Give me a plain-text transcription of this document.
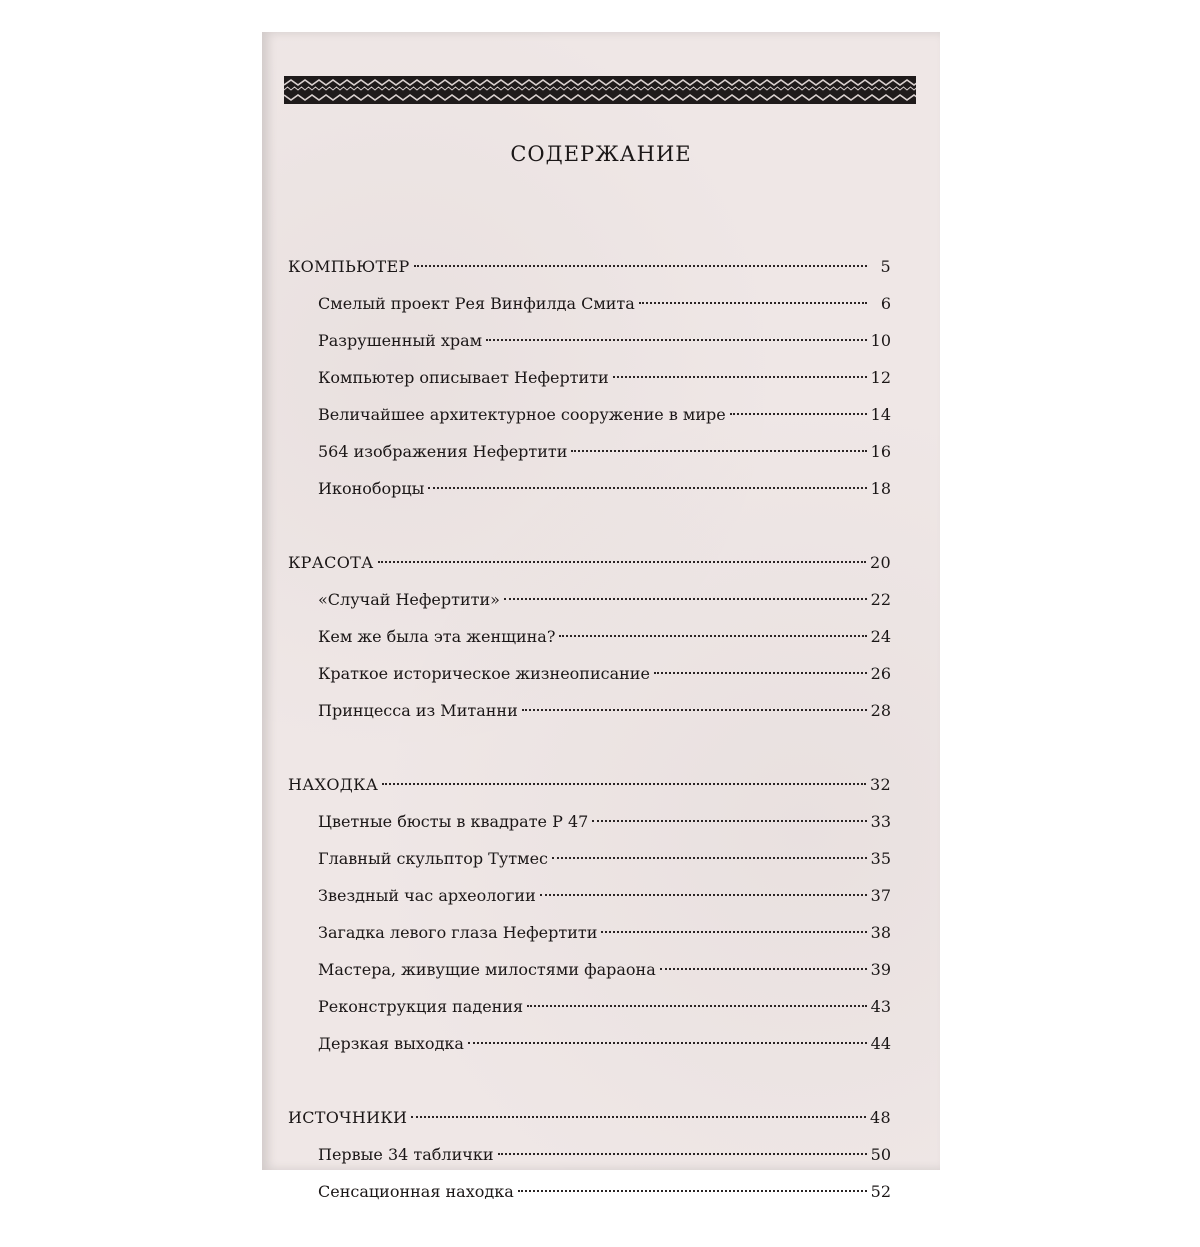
СОДЕРЖАНИЕ
КОМПЬЮТЕР	5
Смелый проект Рея Винфилда Смита	6
Разрушенный храм	10
Компьютер описывает Нефертити	12
Величайшее архитектурное сооружение в мире	14
564 изображения Нефертити	16
Иконоборцы	18
КРАСОТА	20
«Случай Нефертити»	22
Кем же была эта женщина?	24
Краткое историческое жизнеописание	26
Принцесса из Митанни	28
НАХОДКА	32
Цветные бюсты в квадрате Р 47	33
Главный скульптор Тутмес	35
Звездный час археологии	37
Загадка левого глаза Нефертити	38
Мастера, живущие милостями фараона	39
Реконструкция падения	43
Дерзкая выходка	44
ИСТОЧНИКИ	48
Первые 34 таблички	50
Сенсационная находка	52
